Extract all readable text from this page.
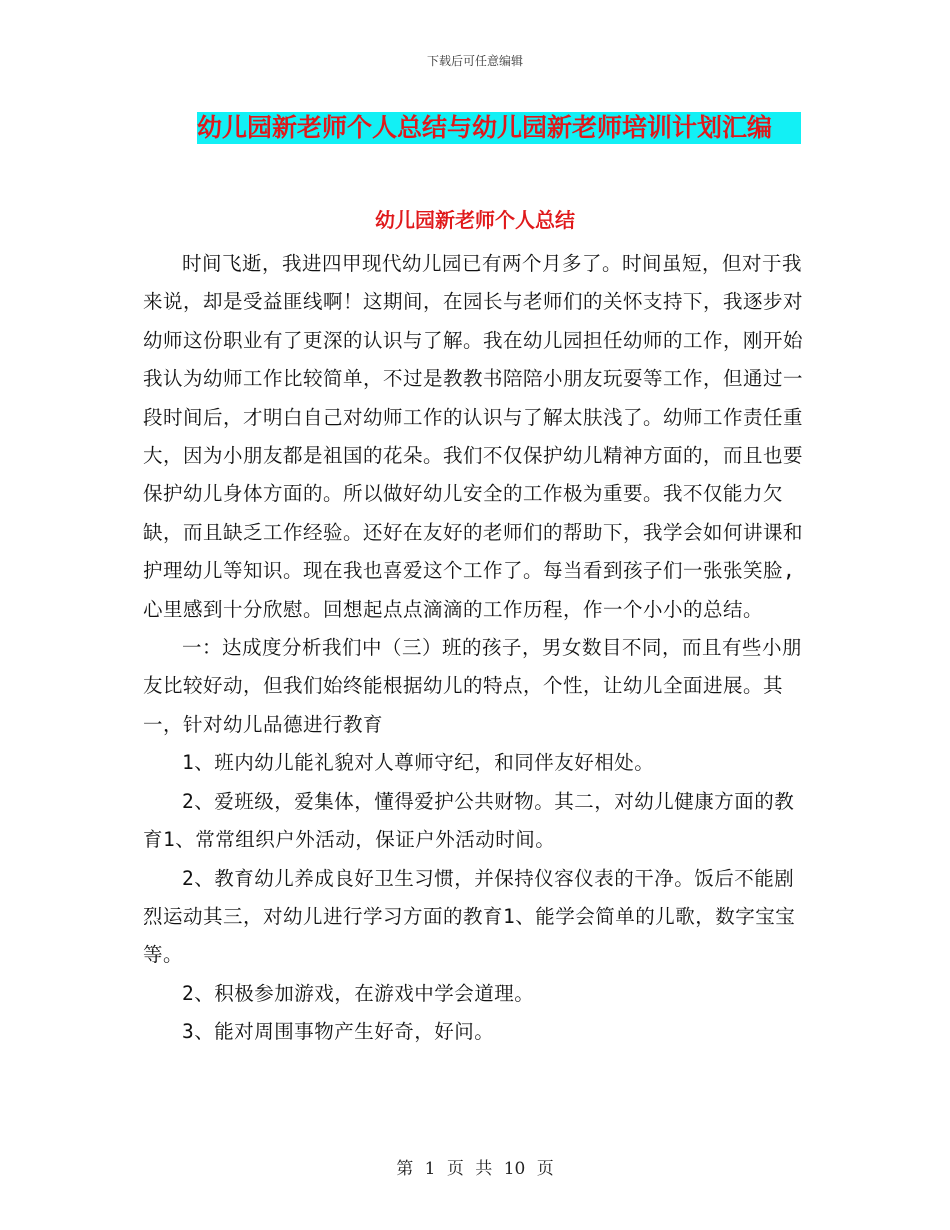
下载后可任意编辑
幼儿园新老师个人总结与幼儿园新老师培训计划汇编
幼儿园新老师个人总结

时间飞逝，我进四甲现代幼儿园已有两个月多了。时间虽短，但对于我来说，却是受益匪线啊！这期间，在园长与老师们的关怀支持下，我逐步对幼师这份职业有了更深的认识与了解。我在幼儿园担任幼师的工作，刚开始我认为幼师工作比较简单，不过是教教书陪陪小朋友玩耍等工作，但通过一段时间后，才明白自己对幼师工作的认识与了解太肤浅了。幼师工作责任重大，因为小朋友都是祖国的花朵。我们不仅保护幼儿精神方面的，而且也要保护幼儿身体方面的。所以做好幼儿安全的工作极为重要。我不仅能力欠缺，而且缺乏工作经验。还好在友好的老师们的帮助下，我学会如何讲课和护理幼儿等知识。现在我也喜爱这个工作了。每当看到孩子们一张张笑脸,心里感到十分欣慰。回想起点点滴滴的工作历程，作一个小小的总结。

一：达成度分析我们中（三）班的孩子，男女数目不同，而且有些小朋友比较好动，但我们始终能根据幼儿的特点，个性，让幼儿全面进展。其一，针对幼儿品德进行教育

1、班内幼儿能礼貌对人尊师守纪，和同伴友好相处。

2、爱班级，爱集体，懂得爱护公共财物。其二，对幼儿健康方面的教育1、常常组织户外活动，保证户外活动时间。

2、教育幼儿养成良好卫生习惯，并保持仪容仪表的干净。饭后不能剧烈运动其三，对幼儿进行学习方面的教育1、能学会简单的儿歌，数字宝宝等。

2、积极参加游戏，在游戏中学会道理。

3、能对周围事物产生好奇，好问。

第 1 页 共 10 页
